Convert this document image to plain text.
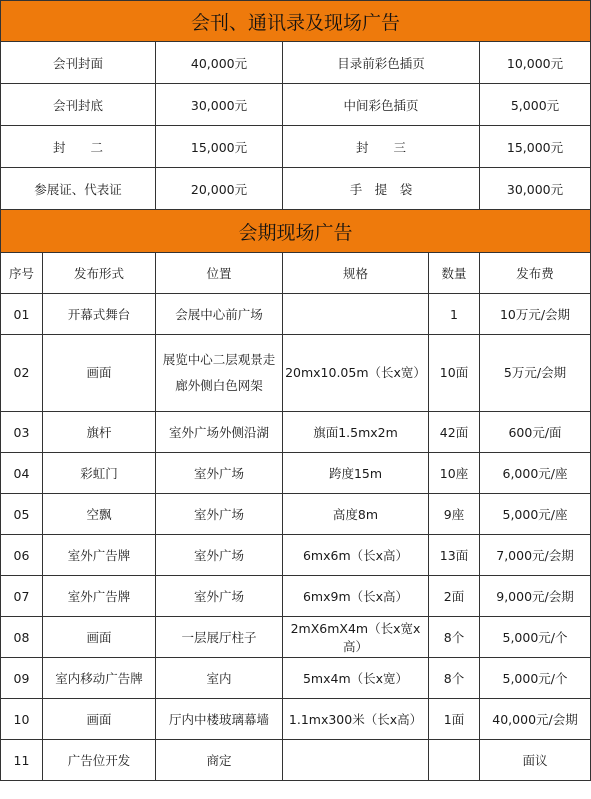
会刊、通讯录及现场广告					
会刊封面		40,000元	目录前彩色插页		10,000元
会刊封底		30,000元	中间彩色插页		5,000元
封　　二		15,000元	封　　三		15,000元
参展证、代表证		20,000元	手　提　袋		30,000元
会期现场广告					
序号	发布形式	位置	规格	数量	发布费
01	开幕式舞台	会展中心前广场		1	10万元/会期
02	画面	展览中心二层观景走廊外侧白色网架	20mx10.05m（长x宽）	10面	5万元/会期
03	旗杆	室外广场外侧沿湖	旗面1.5mx2m	42面	600元/面
04	彩虹门	室外广场	跨度15m	10座	6,000元/座
05	空飘	室外广场	高度8m	9座	5,000元/座
06	室外广告牌	室外广场	6mx6m（长x高）	13面	7,000元/会期
07	室外广告牌	室外广场	6mx9m（长x高）	2面	9,000元/会期
08	画面	一层展厅柱子	2mX6mX4m（长x宽x高）	8个	5,000元/个
09	室内移动广告牌	室内	5mx4m（长x宽）	8个	5,000元/个
10	画面	厅内中楼玻璃幕墙	1.1mx300米（长x高）	1面	40,000元/会期
11	广告位开发	商定			面议
